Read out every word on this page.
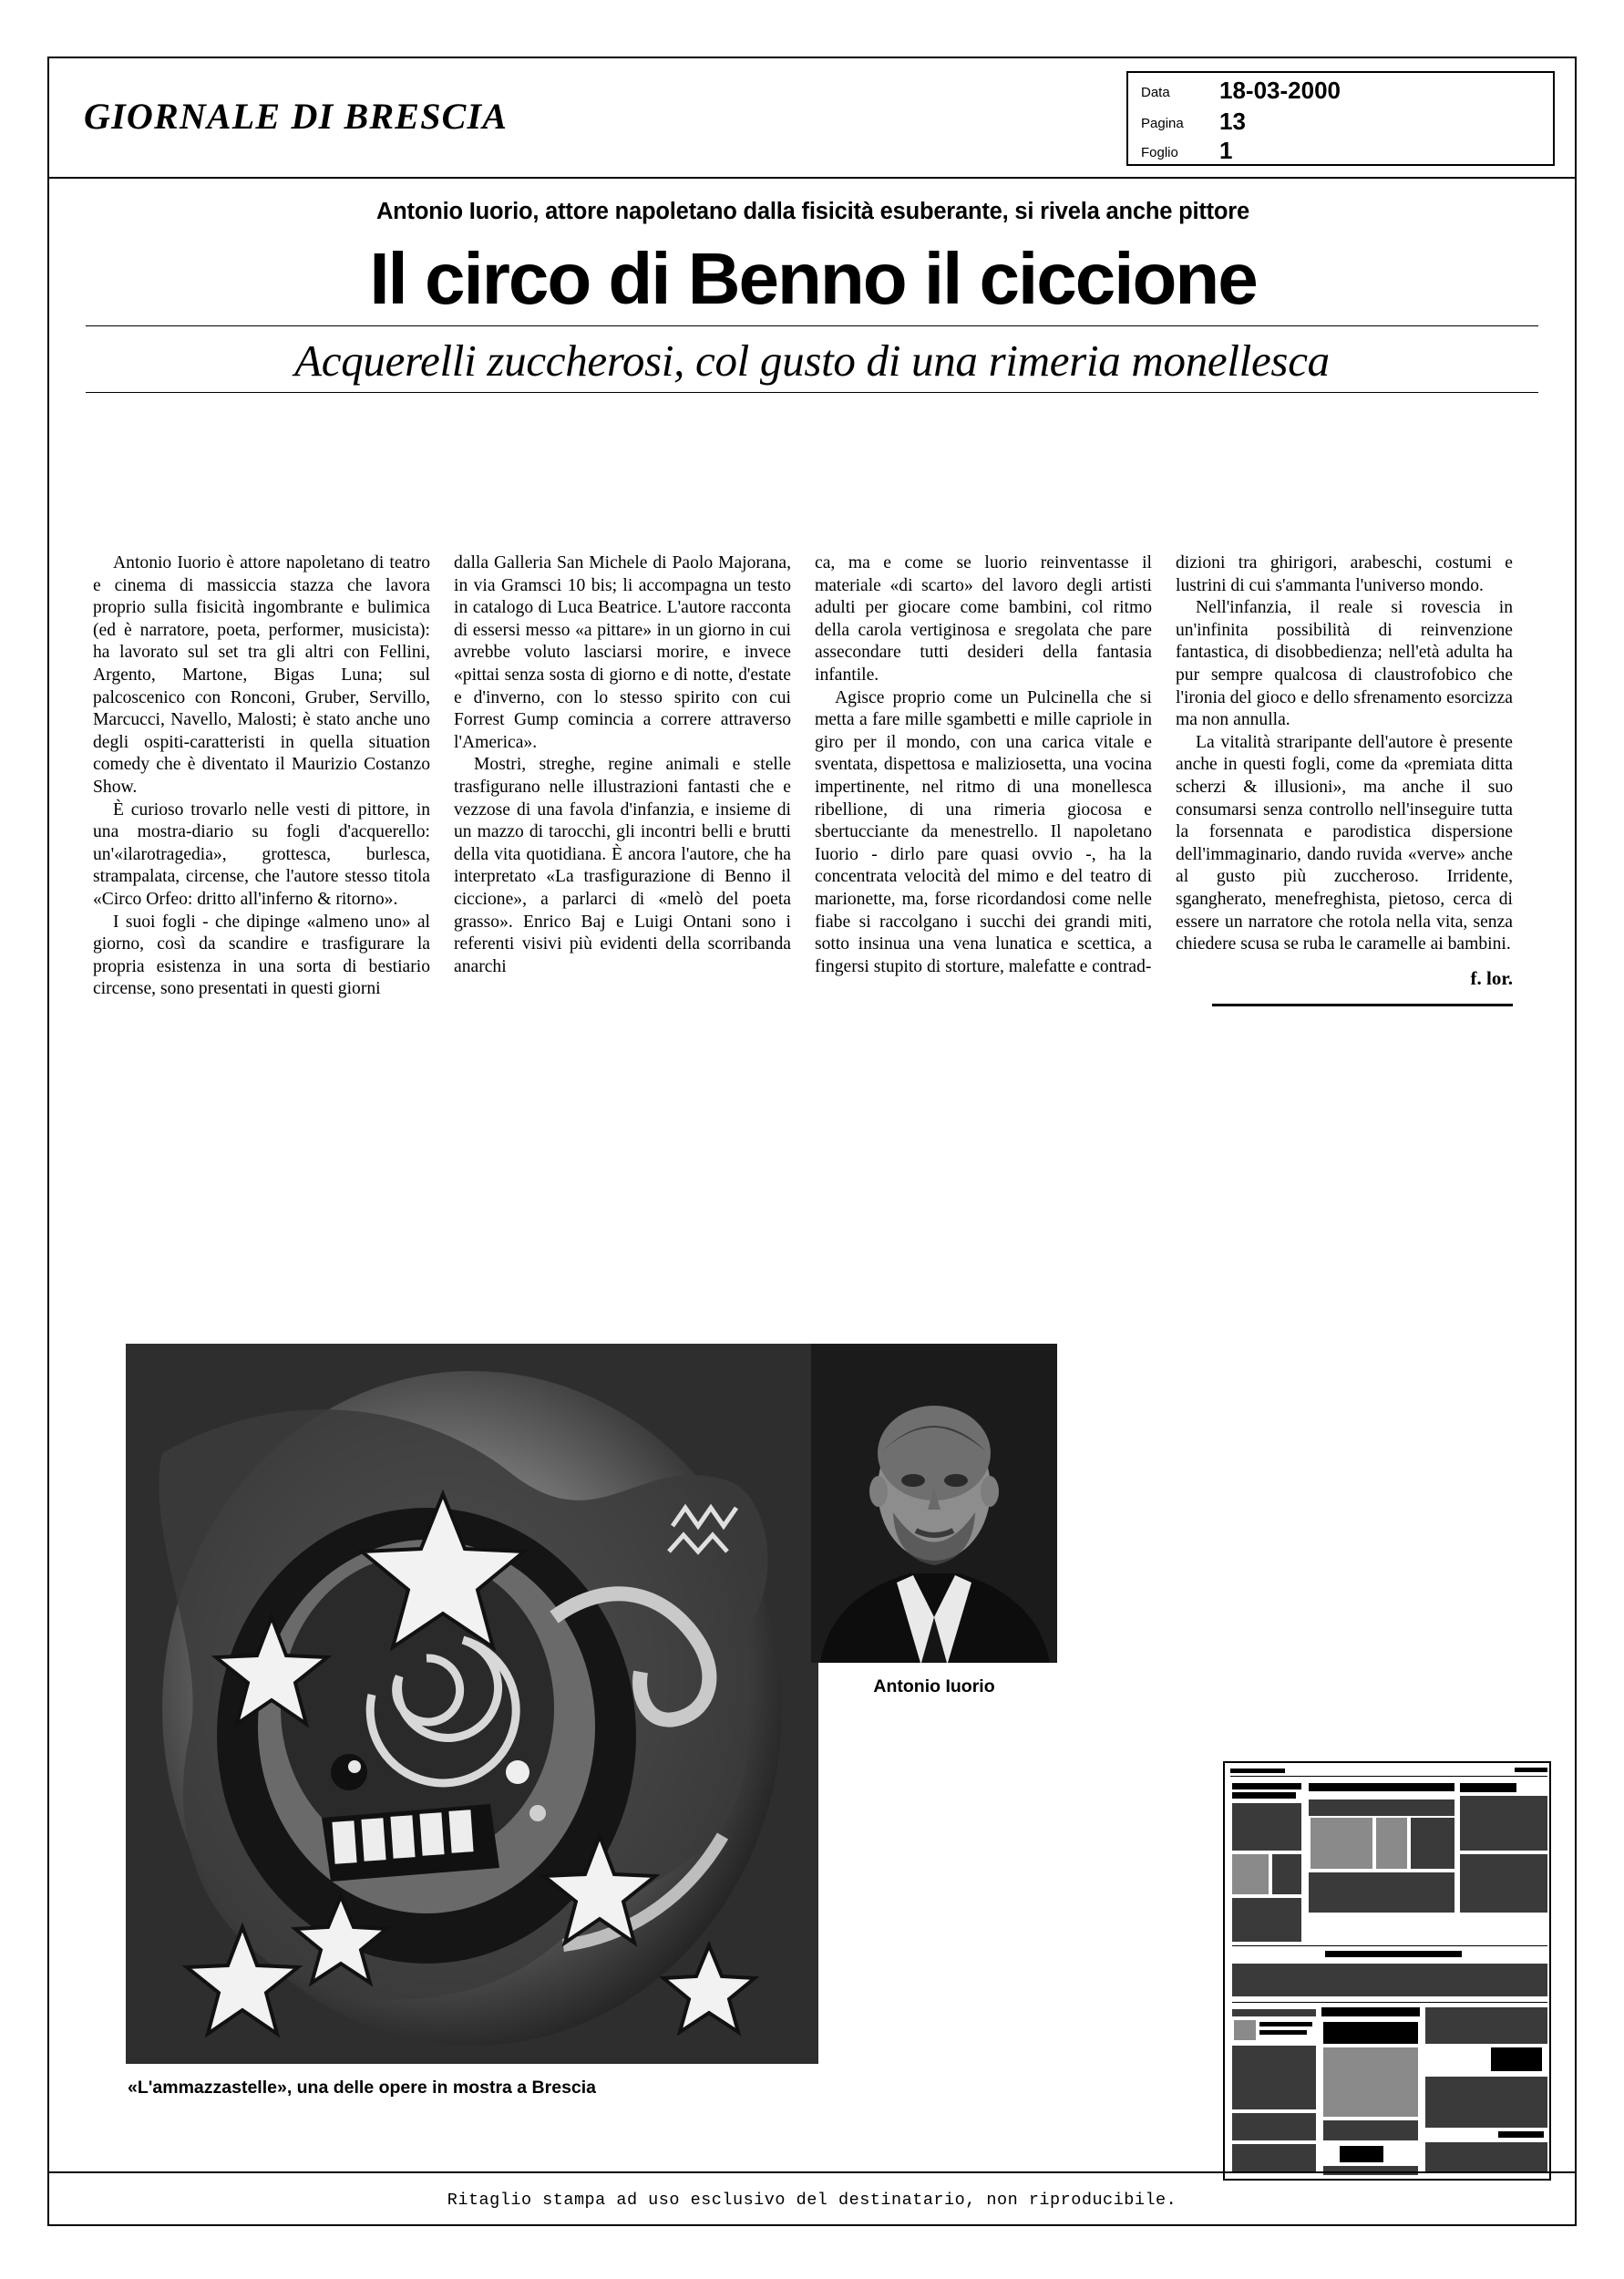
GIORNALE DI BRESCIA
Data 18-03-2000
Pagina 13
Foglio 1
Antonio Iuorio, attore napoletano dalla fisicità esuberante, si rivela anche pittore
Il circo di Benno il ciccione
Acquerelli zuccherosi, col gusto di una rimeria monellesca

Antonio Iuorio è attore napoletano di teatro e cinema di massiccia stazza che lavora proprio sulla fisicità ingombrante e bulimica (ed è narratore, poeta, performer, musicista): ha lavorato sul set tra gli altri con Fellini, Argento, Martone, Bigas Luna; sul palcoscenico con Ronconi, Gruber, Servillo, Marcucci, Navello, Malosti; è stato anche uno degli ospiti-caratteristi in quella situation comedy che è diventato il Maurizio Costanzo Show.

È curioso trovarlo nelle vesti di pittore, in una mostra-diario su fogli d'acquerello: un'«ilarotragedia», grottesca, burlesca, strampalata, circense, che l'autore stesso titola «Circo Orfeo: dritto all'inferno & ritorno».

I suoi fogli - che dipinge «almeno uno» al giorno, così da scandire e trasfigurare la propria esistenza in una sorta di bestiario circense, sono presentati in questi giorni

dalla Galleria San Michele di Paolo Majorana, in via Gramsci 10 bis; li accompagna un testo in catalogo di Luca Beatrice. L'autore racconta di essersi messo «a pittare» in un giorno in cui avrebbe voluto lasciarsi morire, e invece «pittai senza sosta di giorno e di notte, d'estate e d'inverno, con lo stesso spirito con cui Forrest Gump comincia a correre attraverso l'America».

Mostri, streghe, regine animali e stelle trasfigurano nelle illustrazioni fantasti che e vezzose di una favola d'infanzia, e insieme di un mazzo di tarocchi, gli incontri belli e brutti della vita quotidiana. È ancora l'autore, che ha interpretato «La trasfigurazione di Benno il ciccione», a parlarci di «melò del poeta grasso». Enrico Baj e Luigi Ontani sono i referenti visivi più evidenti della scorribanda anarchi

ca, ma e come se luorio reinventasse il materiale «di scarto» del lavoro degli artisti adulti per giocare come bambini, col ritmo della carola vertiginosa e sregolata che pare assecondare tutti desideri della fantasia infantile.

Agisce proprio come un Pulcinella che si metta a fare mille sgambetti e mille capriole in giro per il mondo, con una carica vitale e sventata, dispettosa e maliziosetta, una vocina impertinente, nel ritmo di una monellesca ribellione, di una rimeria giocosa e sbertucciante da menestrello. Il napoletano Iuorio - dirlo pare quasi ovvio -, ha la concentrata velocità del mimo e del teatro di marionette, ma, forse ricordandosi come nelle fiabe si raccolgano i succhi dei grandi miti, sotto insinua una vena lunatica e scettica, a fingersi stupito di storture, malefatte e contrad-

dizioni tra ghirigori, arabeschi, costumi e lustrini di cui s'ammanta l'universo mondo.

Nell'infanzia, il reale si rovescia in un'infinita possibilità di reinvenzione fantastica, di disobbedienza; nell'età adulta ha pur sempre qualcosa di claustrofobico che l'ironia del gioco e dello sfrenamento esorcizza ma non annulla.

La vitalità straripante dell'autore è presente anche in questi fogli, come da «premiata ditta scherzi & illusioni», ma anche il suo consumarsi senza controllo nell'inseguire tutta la forsennata e parodistica dispersione dell'immaginario, dando ruvida «verve» anche al gusto più zuccheroso. Irridente, sgangherato, menefreghista, pietoso, cerca di essere un narratore che rotola nella vita, senza chiedere scusa se ruba le caramelle ai bambini.

f. lor.
«L'ammazzastelle», una delle opere in mostra a Brescia
Antonio Iuorio
Ritaglio stampa ad uso esclusivo del destinatario, non riproducibile.
